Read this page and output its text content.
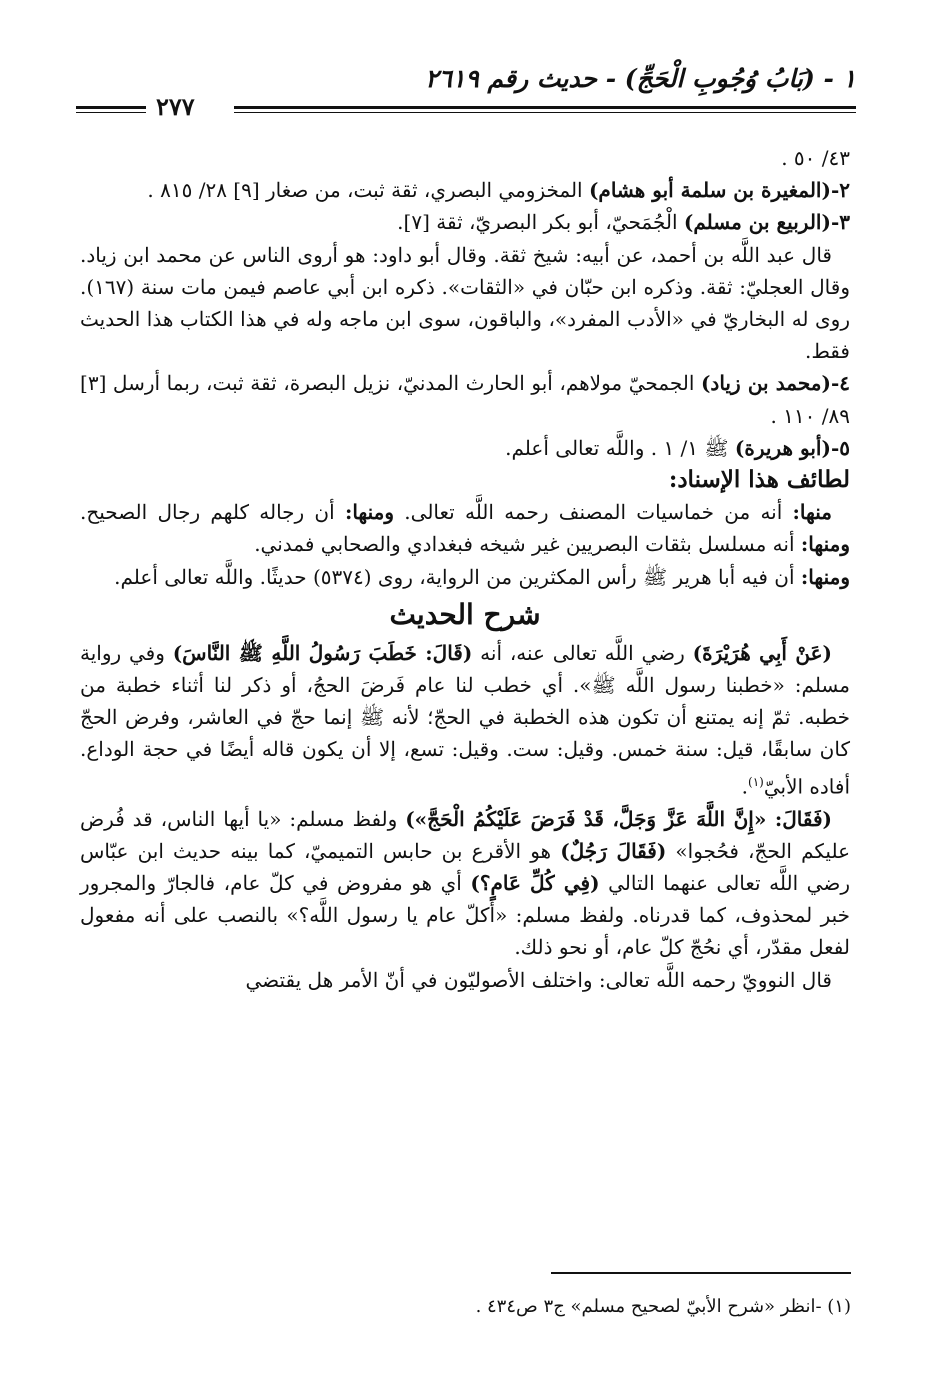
١ - (بَابُ وُجُوبِ الْحَجِّ) - حديث رقم ٢٦١٩
٢٧٧

٤٣/ ٥٠ .

٢-(المغيرة بن سلمة أبو هشام) المخزومي البصري، ثقة ثبت، من صغار [٩] ٢٨/ ٨١٥ .

٣-(الربيع بن مسلم) الْجُمَحيّ، أبو بكر البصريّ، ثقة [٧].

قال عبد اللَّه بن أحمد، عن أبيه: شيخ ثقة. وقال أبو داود: هو أروى الناس عن محمد ابن زياد. وقال العجليّ: ثقة. وذكره ابن حبّان في «الثقات». ذكره ابن أبي عاصم فيمن مات سنة (١٦٧). روى له البخاريّ في «الأدب المفرد»، والباقون، سوى ابن ماجه وله في هذا الكتاب هذا الحديث فقط.

٤-(محمد بن زياد) الجمحيّ مولاهم، أبو الحارث المدنيّ، نزيل البصرة، ثقة ثبت، ربما أرسل [٣] ٨٩/ ١١٠ .

٥-(أبو هريرة) ﷺ ١/ ١ . واللَّه تعالى أعلم.

لطائف هذا الإسناد:

منها: أنه من خماسيات المصنف رحمه اللَّه تعالى. ومنها: أن رجاله كلهم رجال الصحيح. ومنها: أنه مسلسل بثقات البصريين غير شيخه فبغدادي والصحابي فمدني.

ومنها: أن فيه أبا هرير ﷺ رأس المكثرين من الرواية، روى (٥٣٧٤) حديثًا. واللَّه تعالى أعلم.

شرح الحديث

(عَنْ أَبِي هُرَيْرَةَ) رضي اللَّه تعالى عنه، أنه (قَالَ: خَطَبَ رَسُولُ اللَّهِ ﷺ النَّاسَ) وفي رواية مسلم: «خطبنا رسول اللَّه ﷺ». أي خطب لنا عام فَرضَ الحجُ، أو ذكر لنا أثناء خطبة من خطبه. ثمّ إنه يمتنع أن تكون هذه الخطبة في الحجّ؛ لأنه ﷺ إنما حجّ في العاشر، وفرض الحجّ كان سابقًا، قيل: سنة خمس. وقيل: ست. وقيل: تسع، إلا أن يكون قاله أيضًا في حجة الوداع. أفاده الأبيّ$^{(١)}$.

(فَقَالَ: «إِنَّ اللَّهَ عَزَّ وَجَلَّ، قَدْ فَرَضَ عَلَيْكُمُ الْحَجَّ») ولفظ مسلم: «يا أيها الناس، قد فُرض عليكم الحجّ، فحُجوا» (فَقَالَ رَجُلٌ) هو الأقرع بن حابس التميميّ، كما بينه حديث ابن عبّاس رضي اللَّه تعالى عنهما التالي (فِي كُلِّ عَامٍ؟) أي هو مفروض في كلّ عام، فالجارّ والمجرور خبر لمحذوف، كما قدرناه. ولفظ مسلم: «أكلّ عام يا رسول اللَّه؟» بالنصب على أنه مفعول لفعل مقدّر، أي نحُجّ كلّ عام، أو نحو ذلك.

قال النوويّ رحمه اللَّه تعالى: واختلف الأصوليّون في أنّ الأمر هل يقتضي

(١) -انظر «شرح الأبيّ لصحيح مسلم» ج٣ ص٤٣٤ .
